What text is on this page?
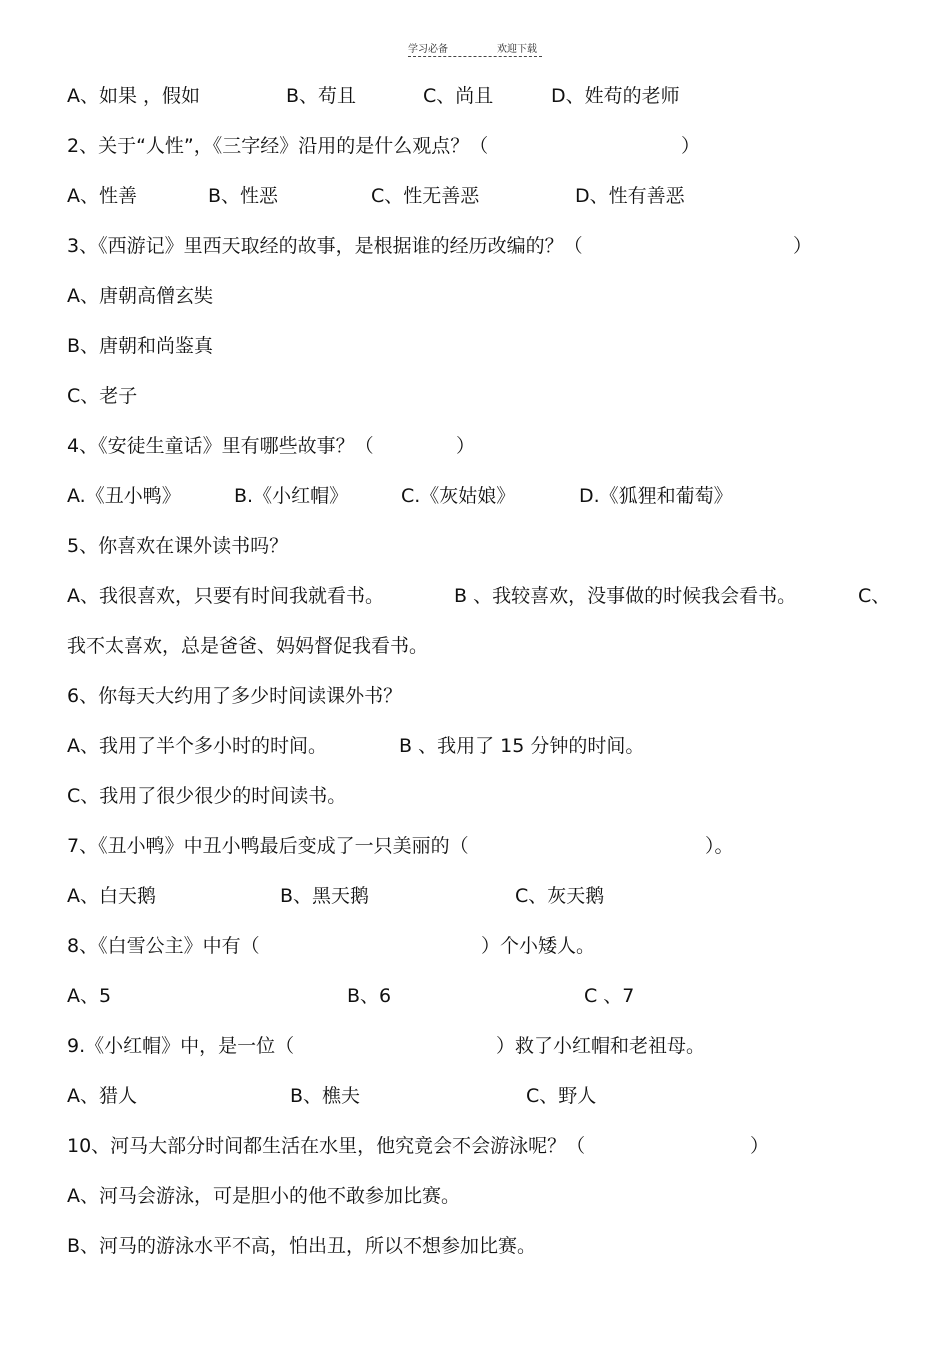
学习必备	欢迎下载
A、如果 ，假如	B、苟且	C、尚且	D、姓苟的老师
2、关于“人性”，《三字经》沿用的是什么观点？（	）
A、性善	B、性恶	C、性无善恶	D、性有善恶
3、《西游记》里西天取经的故事，是根据谁的经历改编的？（	）
A、唐朝高僧玄奘
B、唐朝和尚鉴真
C、老子
4、《安徒生童话》里有哪些故事？（	）
A.《丑小鸭》	B.《小红帽》	C.《灰姑娘》	D.《狐狸和葡萄》
5、你喜欢在课外读书吗？
A、我很喜欢，只要有时间我就看书。	B 、我较喜欢，没事做的时候我会看书。	C、
我不太喜欢，总是爸爸、妈妈督促我看书。
6、你每天大约用了多少时间读课外书？
A、我用了半个多小时的时间。	B 、我用了 15 分钟的时间。
C、我用了很少很少的时间读书。
7、《丑小鸭》中丑小鸭最后变成了一只美丽的（	）。
A、白天鹅	B、黑天鹅	C、灰天鹅
8、《白雪公主》中有（	）个小矮人。
A、5	B、6	C 、7
9.《小红帽》中，是一位（	）救了小红帽和老祖母。
A、猎人	B、樵夫	C、野人
10、河马大部分时间都生活在水里，他究竟会不会游泳呢？（	）
A、河马会游泳，可是胆小的他不敢参加比赛。
B、河马的游泳水平不高，怕出丑，所以不想参加比赛。
